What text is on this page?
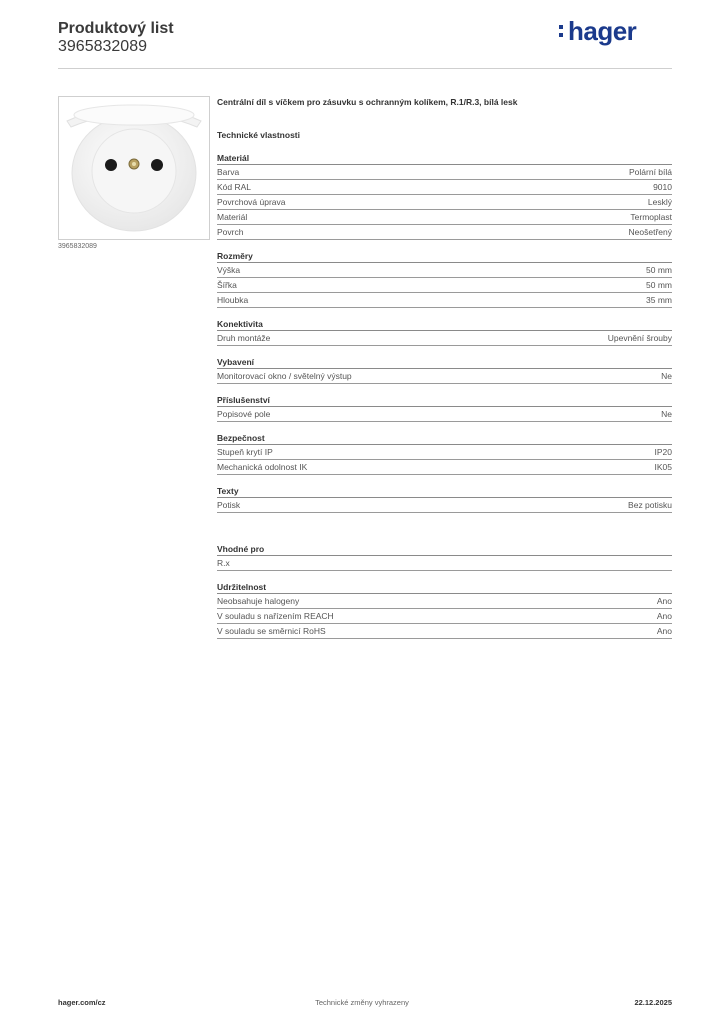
Produktový list
3965832089
hager
3965832089
Centrální díl s víčkem pro zásuvku s ochranným kolíkem, R.1/R.3, bílá lesk
Technické vlastnosti
Materiál
Barva	Polární bílá
Kód RAL	9010
Povrchová úprava	Lesklý
Materiál	Termoplast
Povrch	Neošetřený
Rozměry
Výška	50 mm
Šířka	50 mm
Hloubka	35 mm
Konektivita
Druh montáže	Upevnění šrouby
Vybavení
Monitorovací okno / světelný výstup	Ne
Příslušenství
Popisové pole	Ne
Bezpečnost
Stupeň krytí IP	IP20
Mechanická odolnost IK	IK05
Texty
Potisk	Bez potisku
Vhodné pro
R.x
Udržitelnost
Neobsahuje halogeny	Ano
V souladu s nařízením REACH	Ano
V souladu se směrnicí RoHS	Ano
hager.com/cz	Technické změny vyhrazeny	22.12.2025
